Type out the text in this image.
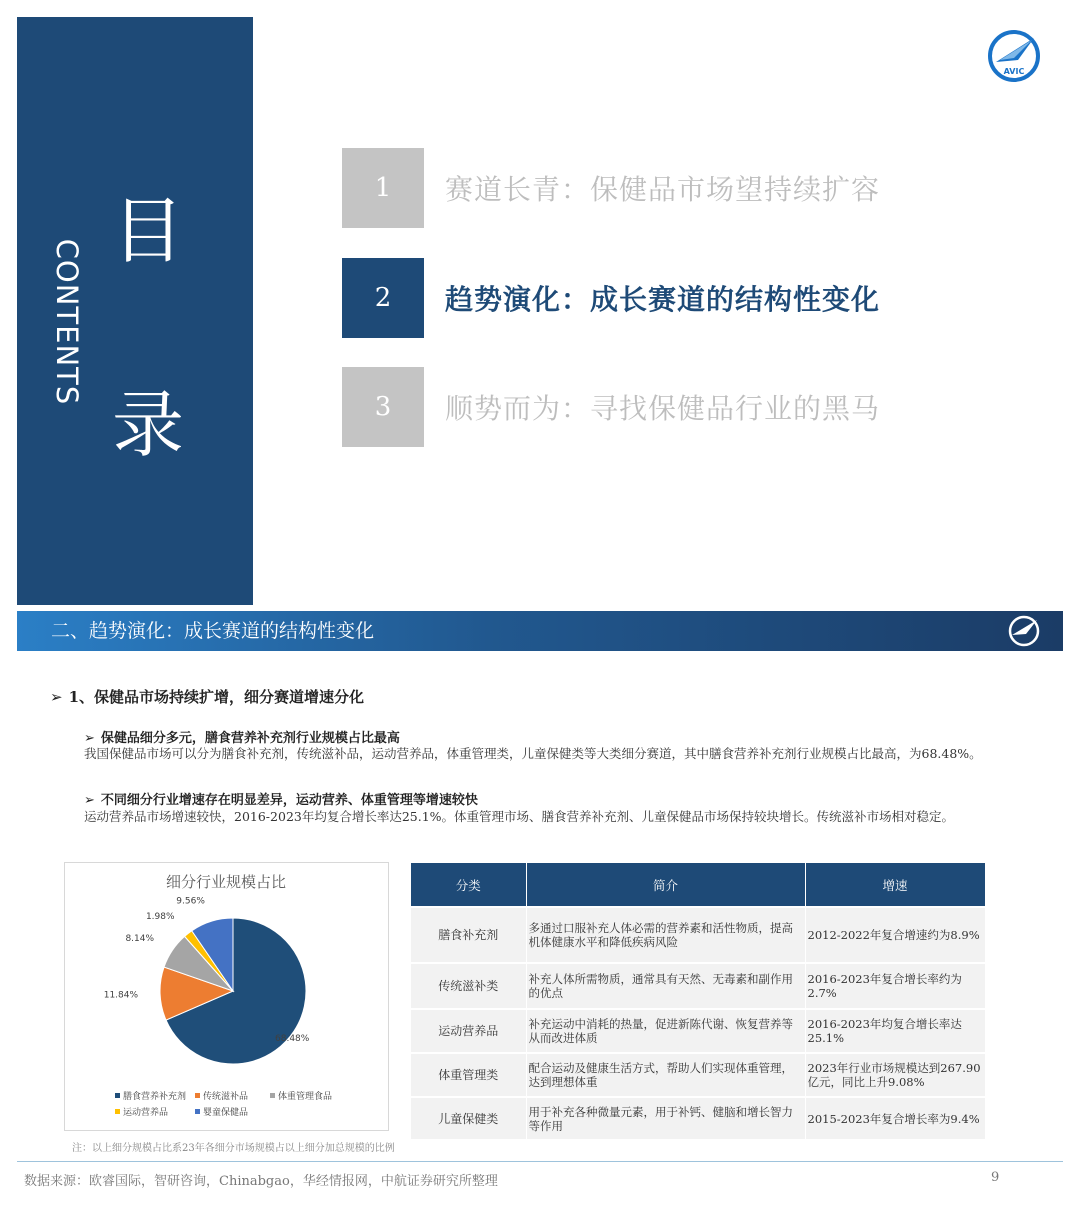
CONTENTS
目
录
AVIC
1	赛道长青：保健品市场望持续扩容
2	趋势演化：成长赛道的结构性变化
3	顺势而为：寻找保健品行业的黑马
二、趋势演化：成长赛道的结构性变化
➢ 1、保健品市场持续扩增，细分赛道增速分化
➢ 保健品细分多元，膳食营养补充剂行业规模占比最高
我国保健品市场可以分为膳食补充剂，传统滋补品，运动营养品，体重管理类，儿童保健类等大类细分赛道，其中膳食营养补充剂行业规模占比最高，为68.48%。
➢ 不同细分行业增速存在明显差异，运动营养、体重管理等增速较快
运动营养品市场增速较快，2016-2023年均复合增长率达25.1%。体重管理市场、膳食营养补充剂、儿童保健品市场保持较块增长。传统滋补市场相对稳定。
细分行业规模占比
68.48%
11.84%
8.14%
1.98%
9.56%
膳食营养补充剂 传统滋补品	体重管理食品
运动营养品	婴童保健品
注：以上细分规模占比系23年各细分市场规模占以上细分加总规模的比例
分类	简介	增速
膳食补充剂	多通过口服补充人体必需的营养素和活性物质，提高机体健康水平和降低疾病风险	2012-2022年复合增速约为8.9%
传统滋补类	补充人体所需物质，通常具有天然、无毒素和副作用的优点	2016-2023年复合增长率约为2.7%
运动营养品	补充运动中消耗的热量，促进新陈代谢、恢复营养等从而改进体质	2016-2023年均复合增长率达25.1%
体重管理类	配合运动及健康生活方式，帮助人们实现体重管理，达到理想体重	2023年行业市场规模达到267.90亿元，同比上升9.08%
儿童保健类	用于补充各种微量元素，用于补钙、健脑和增长智力等作用	2015-2023年复合增长率为9.4%
数据来源：欧睿国际，智研咨询，Chinabgao，华经情报网，中航证券研究所整理	9
